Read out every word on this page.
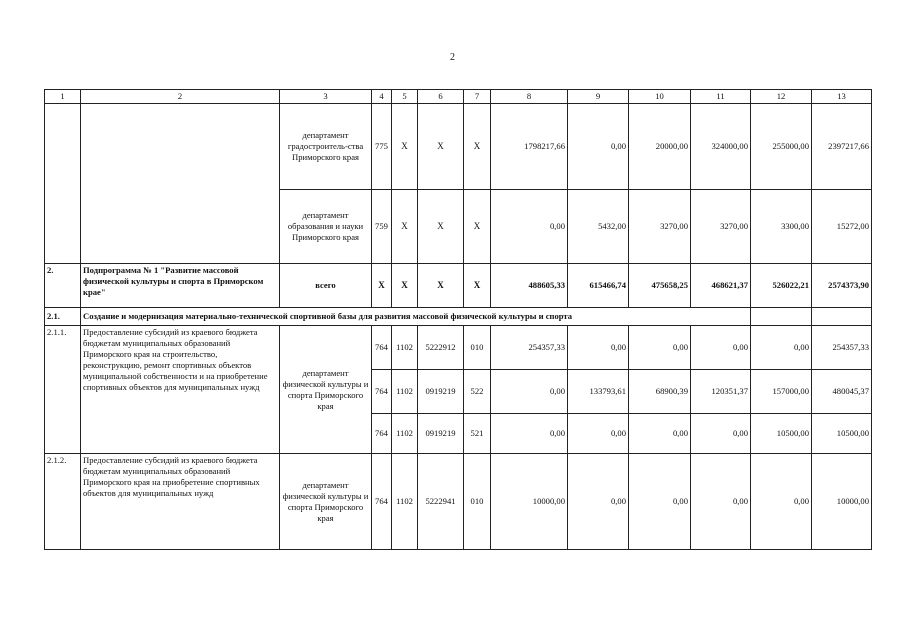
2
1	2	3	4	5	6	7	8	9	10	11	12	13
		департамент градостроитель-ства Приморского края	775	Х	Х	Х	1798217,66	0,00	20000,00	324000,00	255000,00	2397217,66
		департамент образования и науки Приморского края	759	Х	Х	Х	0,00	5432,00	3270,00	3270,00	3300,00	15272,00
2.	Подпрограмма № 1 "Развитие массовой физической культуры и спорта в Приморском крае"	всего	Х	Х	Х	Х	488605,33	615466,74	475658,25	468621,37	526022,21	2574373,90
2.1.	Создание и модернизация материально-технической спортивной базы для развития массовой физической культуры и спорта											
2.1.1.	Предоставление субсидий из краевого бюджета бюджетам муниципальных образований Приморского края на строительство, реконструкцию, ремонт спортивных объектов муниципальной собственности и на приобретение спортивных объектов для муниципальных нужд	департамент физической культуры и спорта Приморского края	764	1102	5222912	010	254357,33	0,00	0,00	0,00	0,00	254357,33
			764	1102	0919219	522	0,00	133793,61	68900,39	120351,37	157000,00	480045,37
			764	1102	0919219	521	0,00	0,00	0,00	0,00	10500,00	10500,00
2.1.2.	Предоставление субсидий из краевого бюджета бюджетам муниципальных образований Приморского края на приобретение спортивных объектов для муниципальных нужд	департамент физической культуры и спорта Приморского края	764	1102	5222941	010	10000,00	0,00	0,00	0,00	0,00	10000,00
